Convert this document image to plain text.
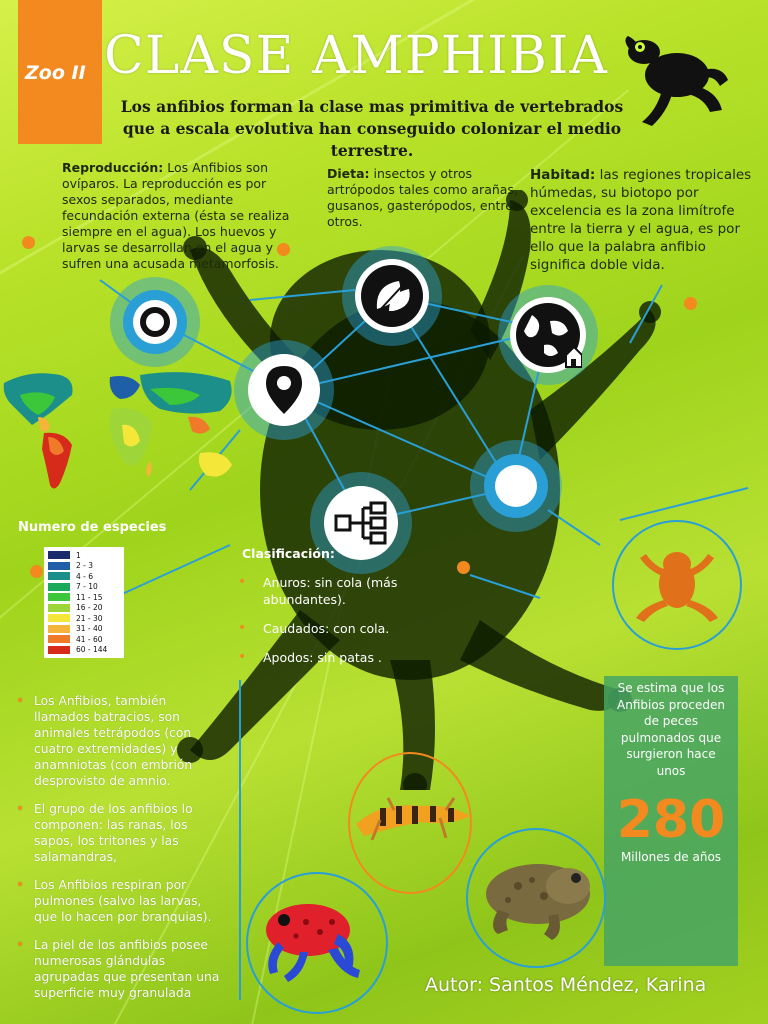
Zoo II CLASE AMPHIBIA
Los anfibios forman la clase mas primitiva de vertebrados que a escala evolutiva han conseguido colonizar el medio terrestre.
Reproducción: Los Anfibios son ovíparos. La reproducción es por sexos separados, mediante fecundación externa (ésta se realiza siempre en el agua). Los huevos y larvas se desarrollan en el agua y sufren una acusada metamorfosis.
Dieta: insectos y otros artrópodos tales como arañas, gusanos, gasterópodos, entre otros.
Habitad: las regiones tropicales húmedas, su biotopo por excelencia es la zona limítrofe entre la tierra y el agua, es por ello que la palabra anfibio significa doble vida.
Numero de especies
1
2 - 3
4 - 6
7 - 10
11 - 15
16 - 20
21 - 30
31 - 40
41 - 60
60 - 144
Clasificación:
• Anuros: sin cola (más abundantes).
• Caudados: con cola.
• Apodos: sin patas .
• Los Anfibios, también llamados batracios, son animales tetrápodos (con cuatro extremidades) y anamniotas (con embrión desprovisto de amnio.
• El grupo de los anfibios lo componen: las ranas, los sapos, los tritones y las salamandras,
• Los Anfibios respiran por pulmones (salvo las larvas, que lo hacen por branquias).
• La piel de los anfibios posee numerosas glándulas agrupadas que presentan una superficie muy granulada
Se estima que los Anfibios proceden de peces pulmonados que surgieron hace unos
280
Millones de años
Autor: Santos Méndez, Karina
